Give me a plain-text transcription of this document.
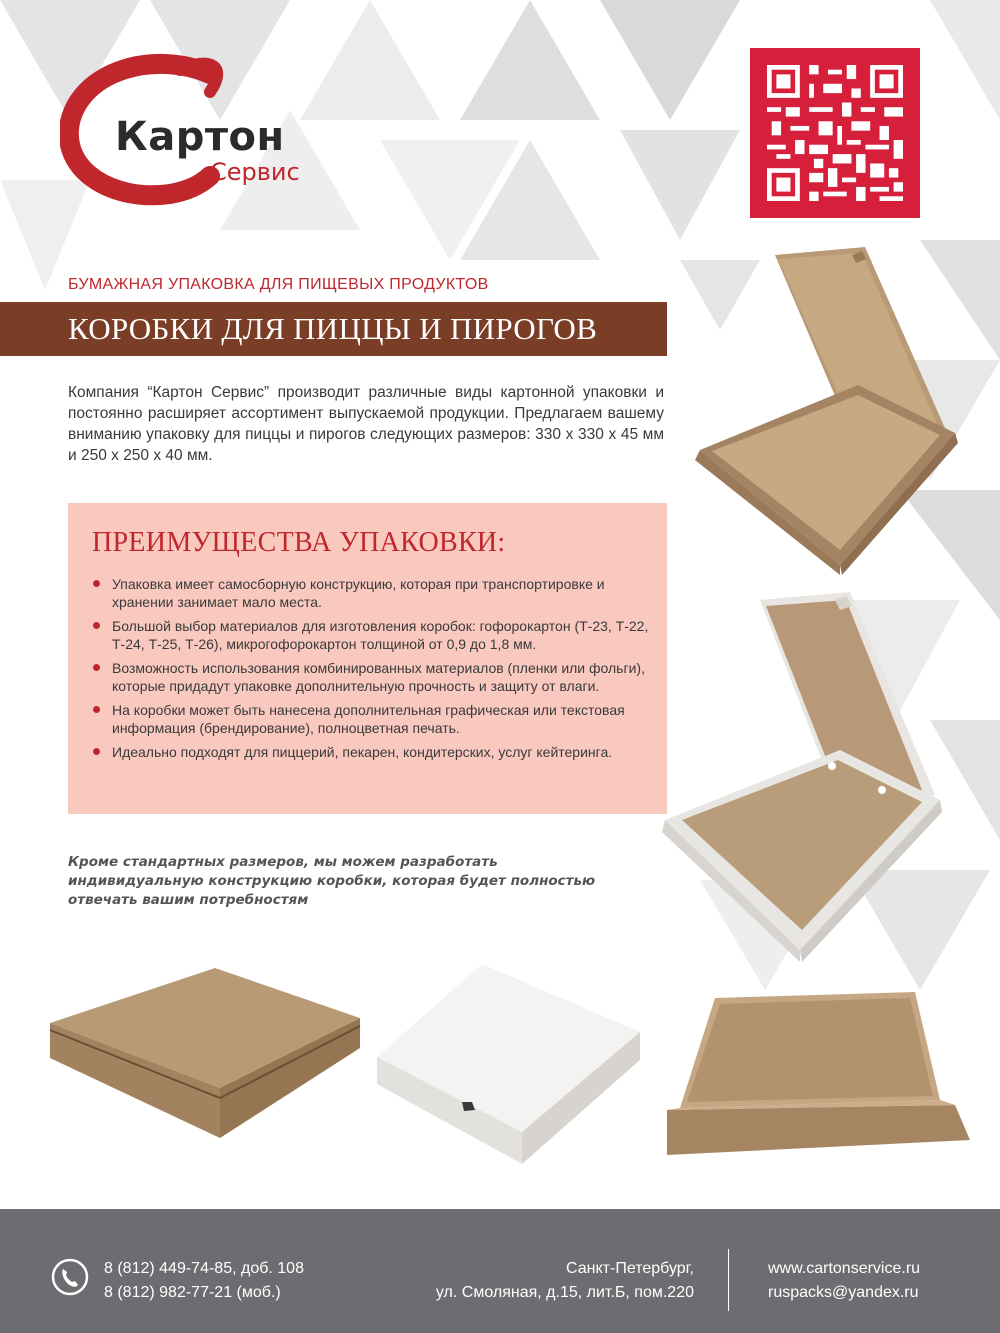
Картон
Сервис
БУМАЖНАЯ УПАКОВКА ДЛЯ ПИЩЕВЫХ ПРОДУКТОВ
КОРОБКИ ДЛЯ ПИЦЦЫ И ПИРОГОВ
Компания “Картон Сервис” производит различные виды картонной упаковки и постоянно расширяет ассортимент выпускаемой продукции. Предлагаем вашему вниманию упаковку для пиццы и пирогов следующих размеров: 330 х 330 х 45 мм и 250 х 250 х 40 мм.
ПРЕИМУЩЕСТВА УПАКОВКИ:
Упаковка имеет самосборную конструкцию, которая при транспортировке и хранении занимает мало места.
Большой выбор материалов для изготовления коробок: гофорокартон (Т-23, Т-22, Т-24, Т-25, Т-26), микрогофорокартон толщиной от 0,9 до 1,8 мм.
Возможность использования комбинированных материалов (пленки или фольги), которые придадут упаковке дополнительную прочность и защиту от влаги.
На коробки может быть нанесена дополнительная графическая или текстовая информация (брендирование), полноцветная печать.
Идеально подходят для пиццерий, пекарен, кондитерских, услуг кейтеринга.
Кроме стандартных размеров, мы можем разработать индивидуальную конструкцию коробки, которая будет полностью отвечать вашим потребностям
8 (812) 449-74-85, доб. 108
8 (812) 982-77-21 (моб.)
Санкт-Петербург,
ул. Смоляная, д.15, лит.Б, пом.220
www.cartonservice.ru
ruspacks@yandex.ru
